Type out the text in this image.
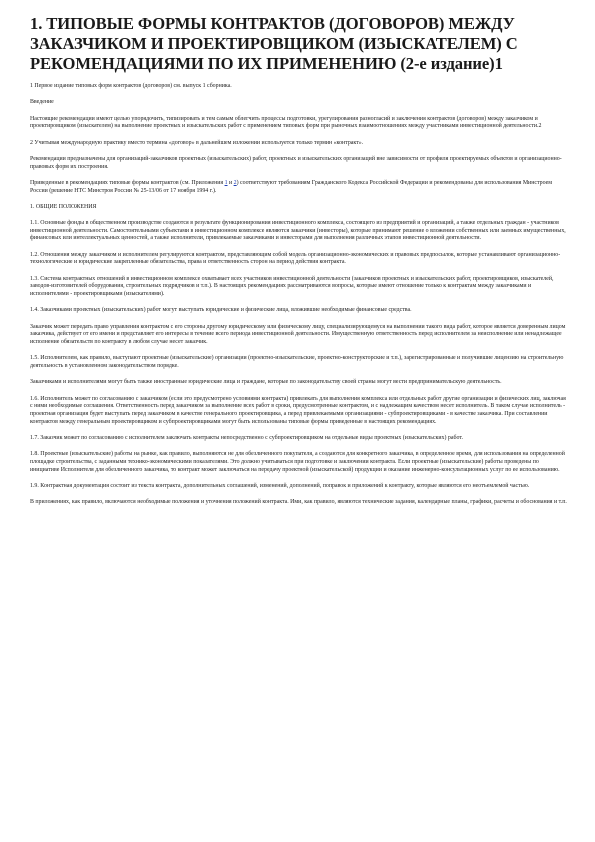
1. ТИПОВЫЕ ФОРМЫ КОНТРАКТОВ (ДОГОВОРОВ) МЕЖДУ ЗАКАЗЧИКОМ И ПРОЕКТИРОВЩИКОМ (ИЗЫСКАТЕЛЕМ) С РЕКОМЕНДАЦИЯМИ ПО ИХ ПРИМЕНЕНИЮ (2-е издание)1

1 Первое издание типовых форм контрактов (договоров) см. выпуск 1 сборника.

Введение

Настоящие рекомендации имеют целью упорядочить, типизировать и тем самым облегчить процессы подготовки, урегулирования разногласий и заключения контрактов (договоров) между заказчиком и проектировщиком (изыскателем) на выполнение проектных и изыскательских работ с применением типовых форм при рыночных взаимоотношениях между участниками инвестиционной деятельности.2

2 Учитывая международную практику вместо термина «договор» в дальнейшем изложении используется только термин «контракт».

Рекомендации предназначены для организаций-заказчиков проектных (изыскательских) работ, проектных и изыскательских организаций вне зависимости от профиля проектируемых объектов и организационно-правовых форм их построения.

Приведенные в рекомендациях типовые формы контрактов (см. Приложения 1 и 2) соответствуют требованиям Гражданского Кодекса Российской Федерации и рекомендованы для использования Минстроем России (решение НТС Минстроя России № 25-13/06 от 17 ноября 1994 г.).

1. ОБЩИЕ ПОЛОЖЕНИЯ

1.1. Основные фонды в общественном производстве создаются в результате функционирования инвестиционного комплекса, состоящего из предприятий и организаций, а также отдельных граждан - участников инвестиционной деятельности. Самостоятельными субъектами в инвестиционном комплексе являются заказчики (инвесторы), которые принимают решение о вложении собственных или заемных имущественных, финансовых или интеллектуальных ценностей, а также исполнители, привлекаемые заказчиками и инвесторами для выполнения различных этапов инвестиционной деятельности.

1.2. Отношения между заказчиком и исполнителем регулируются контрактом, представляющим собой модель организационно-экономических и правовых предпосылок, которые устанавливают организационно-технологические и юридические закрепленные обязательства, права и ответственность сторон на период действия контракта.

1.3. Система контрактных отношений в инвестиционном комплексе охватывает всех участников инвестиционной деятельности (заказчиков проектных и изыскательских работ, проектировщиков, изыскателей, заводов-изготовителей оборудования, строительных подрядчиков и т.п.). В настоящих рекомендациях рассматриваются вопросы, которые имеют отношение только к контрактам между заказчиками и исполнителями - проектировщиками (изыскателями).

1.4. Заказчиками проектных (изыскательских) работ могут выступать юридические и физические лица, вложившие необходимые финансовые средства.

Заказчик может передать право управления контрактом с его стороны другому юридическому или физическому лицу, специализирующемуся на выполнении такого вида работ, которое является доверенным лицом заказчика, действует от его имени и представляет его интересы в течение всего периода инвестиционной деятельности. Имущественную ответственность перед исполнителем за неисполнение или ненадлежащее исполнение обязательств по контракту в любом случае несет заказчик.

1.5. Исполнителем, как правило, выступают проектные (изыскательские) организации (проектно-изыскательские, проектно-конструкторские и т.п.), зарегистрированные и получившие лицензию на строительную деятельность в установленном законодательством порядке.

Заказчиками и исполнителями могут быть также иностранные юридические лица и граждане, которые по законодательству своей страны могут вести предпринимательскую деятельность.

1.6. Исполнитель может по согласованию с заказчиком (если это предусмотрено условиями контракта) привлекать для выполнения комплекса или отдельных работ другие организации и физических лиц, заключая с ними необходимые соглашения. Ответственность перед заказчиком за выполнение всех работ в сроки, предусмотренные контрактом, и с надлежащим качеством несет исполнитель. В таком случае исполнитель - проектная организация будет выступать перед заказчиком в качестве генерального проектировщика, а перед привлекаемыми организациями - субпроектировщиками - в качестве заказчика. При составлении контрактов между генеральным проектировщиком и субпроектировщиками могут быть использованы типовые формы приведенные в настоящих рекомендациях.

1.7. Заказчик может по согласованию с исполнителем заключать контракты непосредственно с субпроектировщиком на отдельные виды проектных (изыскательских) работ.

1.8. Проектные (изыскательские) работы на рынке, как правило, выполняются не для обезличенного покупателя, а создаются для конкретного заказчика, в определенное время, для использования на определенной площадке строительства, с заданными технико-экономическими показателями. Это должно учитываться при подготовке и заключении контракта. Если проектные (изыскательские) работы проведены по инициативе Исполнителя для обезличенного заказчика, то контракт может заключаться на передачу проектной (изыскательской) продукции и оказание инженерно-консультационных услуг по ее использованию.

1.9. Контрактная документация состоит из текста контракта, дополнительных соглашений, изменений, дополнений, поправок и приложений к контракту, которые являются его неотъемлемой частью.

В приложениях, как правило, включаются необходимые положения и уточнения положений контракта. Ими, как правило, являются технические задания, календарные планы, графики, расчеты и обоснования и т.п.
